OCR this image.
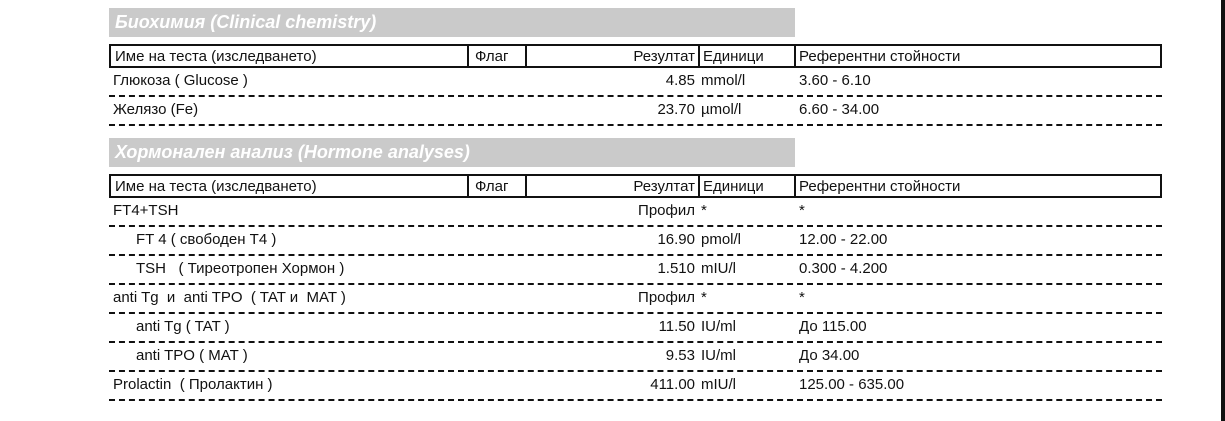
Биохимия (Clinical chemistry)
Име на теста (изследването)	Флаг	Резултат Единици	Референтни стойности
Глюкоза ( Glucose )	4.85 mmol/l	3.60 - 6.10
Желязо (Fe)	23.70 µmol/l	6.60 - 34.00
Хормонален анализ (Hormone analyses)
Име на теста (изследването)	Флаг	Резултат Единици	Референтни стойности
FT4+TSH	Профил *	*
FT 4 ( свободен Т4 )	16.90 pmol/l	12.00 - 22.00
TSH   ( Тиреотропен Хормон )	1.510 mIU/l	0.300 - 4.200
anti Tg  и  anti TPO  ( TAT и  MAT )	Профил *	*
anti Tg ( TAT )	11.50 IU/ml	До 115.00
anti TPO ( MAT )	9.53 IU/ml	До 34.00
Prolactin  ( Пролактин )	411.00 mIU/l	125.00 - 635.00
